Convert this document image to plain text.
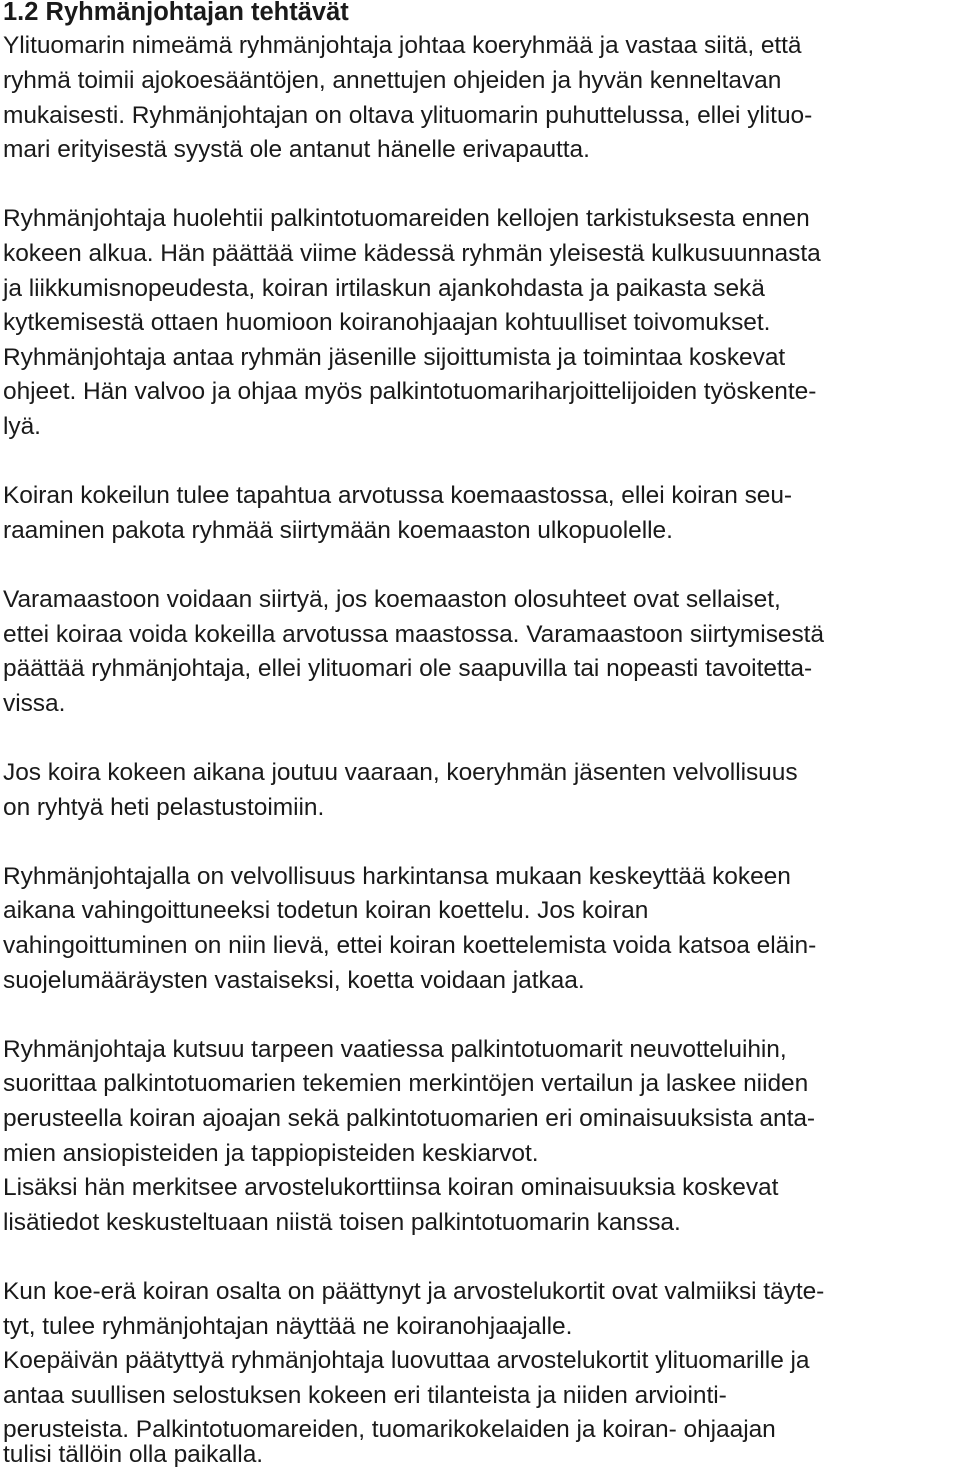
1.2 Ryhmänjohtajan tehtävät
Ylituomarin nimeämä ryhmänjohtaja johtaa koeryhmää ja vastaa siitä, että
ryhmä toimii ajokoesääntöjen, annettujen ohjeiden ja hyvän kenneltavan
mukaisesti. Ryhmänjohtajan on oltava ylituomarin puhuttelussa, ellei ylituo-
mari erityisestä syystä ole antanut hänelle erivapautta.
Ryhmänjohtaja huolehtii palkintotuomareiden kellojen tarkistuksesta ennen
kokeen alkua. Hän päättää viime kädessä ryhmän yleisestä kulkusuunnasta
ja liikkumisnopeudesta, koiran irtilaskun ajankohdasta ja paikasta sekä
kytkemisestä ottaen huomioon koiranohjaajan kohtuulliset toivomukset.
Ryhmänjohtaja antaa ryhmän jäsenille sijoittumista ja toimintaa koskevat
ohjeet. Hän valvoo ja ohjaa myös palkintotuomariharjoittelijoiden työskente-
lyä.
Koiran kokeilun tulee tapahtua arvotussa koemaastossa, ellei koiran seu-
raaminen pakota ryhmää siirtymään koemaaston ulkopuolelle.
Varamaastoon voidaan siirtyä, jos koemaaston olosuhteet ovat sellaiset,
ettei koiraa voida kokeilla arvotussa maastossa. Varamaastoon siirtymisestä
päättää ryhmänjohtaja, ellei ylituomari ole saapuvilla tai nopeasti tavoitetta-
vissa.
Jos koira kokeen aikana joutuu vaaraan, koeryhmän jäsenten velvollisuus
on ryhtyä heti pelastustoimiin.
Ryhmänjohtajalla on velvollisuus harkintansa mukaan keskeyttää kokeen
aikana vahingoittuneeksi todetun koiran koettelu. Jos koiran
vahingoittuminen on niin lievä, ettei koiran koettelemista voida katsoa eläin-
suojelumääräysten vastaiseksi, koetta voidaan jatkaa.
Ryhmänjohtaja kutsuu tarpeen vaatiessa palkintotuomarit neuvotteluihin,
suorittaa palkintotuomarien tekemien merkintöjen vertailun ja laskee niiden
perusteella koiran ajoajan sekä palkintotuomarien eri ominaisuuksista anta-
mien ansiopisteiden ja tappiopisteiden keskiarvot.
Lisäksi hän merkitsee arvostelukorttiinsa koiran ominaisuuksia koskevat
lisätiedot keskusteltuaan niistä toisen palkintotuomarin kanssa.
Kun koe-erä koiran osalta on päättynyt ja arvostelukortit ovat valmiiksi täyte-
tyt, tulee ryhmänjohtajan näyttää ne koiranohjaajalle.
Koepäivän päätyttyä ryhmänjohtaja luovuttaa arvostelukortit ylituomarille ja
antaa suullisen selostuksen kokeen eri tilanteista ja niiden arviointi-
perusteista. Palkintotuomareiden, tuomarikokelaiden ja koiran- ohjaajan
tulisi tällöin olla paikalla.
